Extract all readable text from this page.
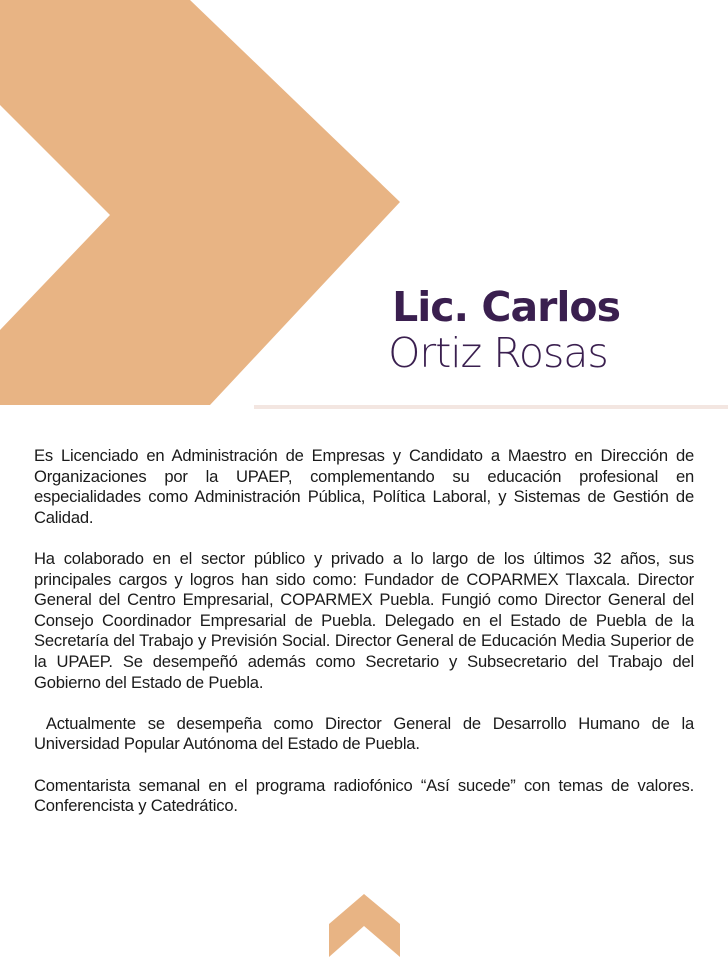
Lic. Carlos
Ortiz Rosas

Es Licenciado en Administración de Empresas y Candidato a Maestro en Dirección de Organizaciones por la UPAEP, complementando su educación profesional en especialidades como Administración Pública, Política Laboral, y Sistemas de Gestión de Calidad.

Ha colaborado en el sector público y privado a lo largo de los últimos 32 años, sus principales cargos y logros han sido como: Fundador de COPARMEX Tlaxcala. Director General del Centro Empresarial, COPARMEX Puebla. Fungió como Director General del Consejo Coordinador Empresarial de Puebla. Delegado en el Estado de Puebla de la Secretaría del Trabajo y Previsión Social. Director General de Educación Media Superior de la UPAEP. Se desempeñó además como Secretario y Subsecretario del Trabajo del Gobierno del Estado de Puebla.

Actualmente se desempeña como Director General de Desarrollo Humano de la Universidad Popular Autónoma del Estado de Puebla.

Comentarista semanal en el programa radiofónico “Así sucede” con temas de valores. Conferencista y Catedrático.
